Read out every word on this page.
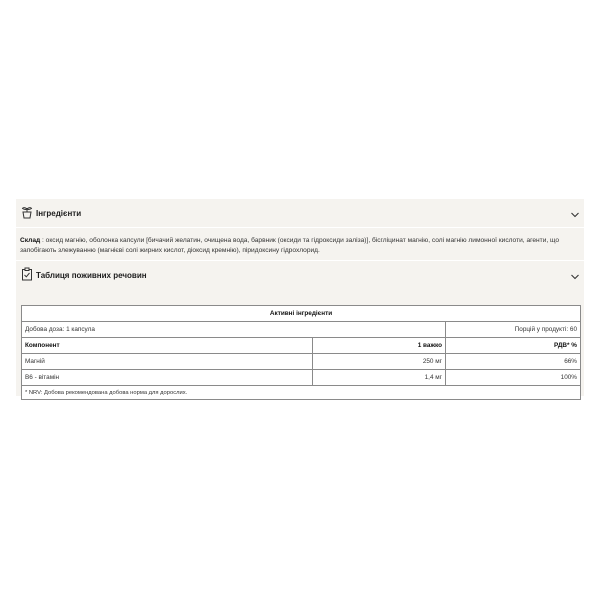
Інгредієнти
Склад : оксид магнію, оболонка капсули [бичачий желатин, очищена вода, барвник (оксиди та гідроксиди заліза)], бісгліцинат магнію, солі магнію лимонної кислоти, агенти, що запобігають злежуванню (магнієві солі жирних кислот, діоксид кремнію), піридоксину гідрохлорид.
Таблиця поживних речовин
Активні інгредієнти		
Добова доза: 1 капсула		Порцій у продукті: 60
Компонент	1 важко	РДВ* %
Магній	250 мг	66%
В6 - вітамін	1,4 мг	100%
* NRV: Добова рекомендована добова норма для дорослих.		
